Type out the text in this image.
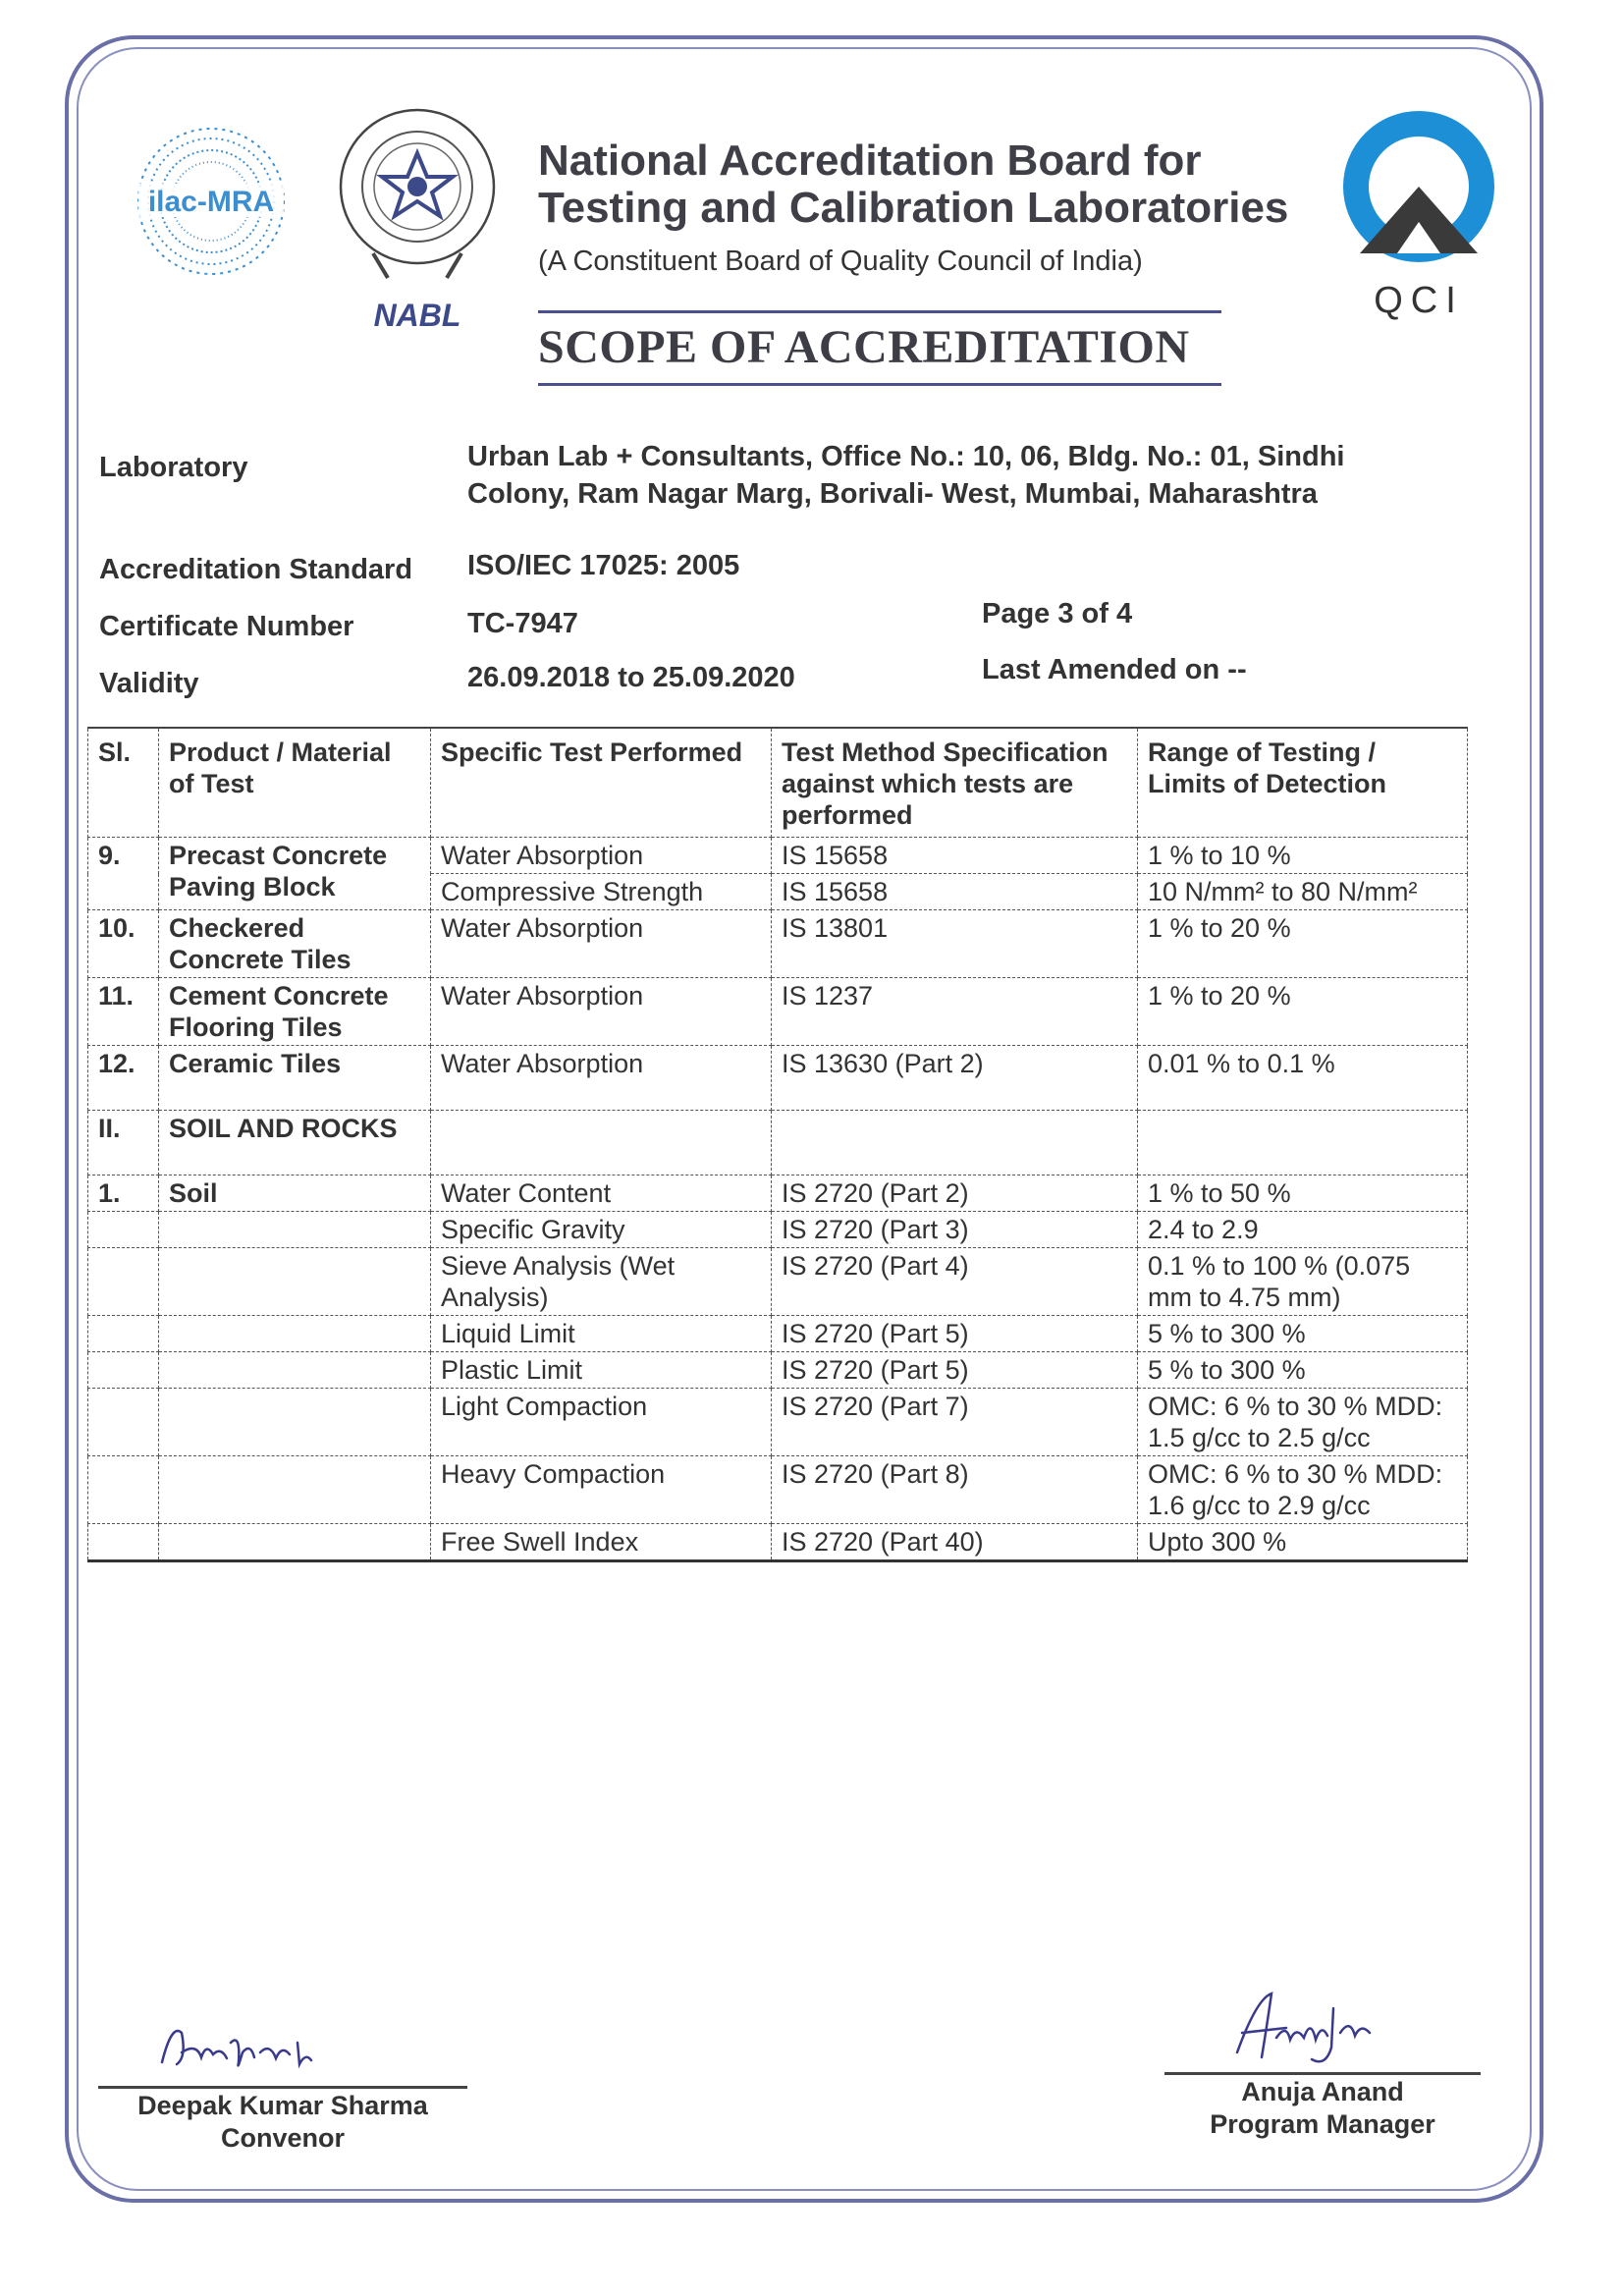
ilac-MRA
NABL	QCI
National Accreditation Board for
Testing and Calibration Laboratories
(A Constituent Board of Quality Council of India)
SCOPE OF ACCREDITATION
Laboratory	Urban Lab + Consultants, Office No.: 10, 06, Bldg. No.: 01, Sindhi Colony, Ram Nagar Marg, Borivali- West, Mumbai, Maharashtra
Accreditation Standard ISO/IEC 17025: 2005
Certificate Number	TC-7947	Page 3 of 4
Validity	26.09.2018 to 25.09.2020	Last Amended on --
Sl.	Product / Material of Test	Specific Test Performed	Test Method Specification against which tests are performed	Range of Testing / Limits of Detection
9.	Precast Concrete Paving Block	Water Absorption	IS 15658	1 % to 10 %
		Compressive Strength	IS 15658	10 N/mm² to 80 N/mm²
10.	Checkered Concrete Tiles	Water Absorption	IS 13801	1 % to 20 %
11.	Cement Concrete Flooring Tiles	Water Absorption	IS 1237	1 % to 20 %
12.	Ceramic Tiles	Water Absorption	IS 13630 (Part 2)	0.01 % to 0.1 %
II.	SOIL AND ROCKS			
1.	Soil	Water Content	IS 2720 (Part 2)	1 % to 50 %
		Specific Gravity	IS 2720 (Part 3)	2.4 to 2.9
		Sieve Analysis (Wet Analysis)	IS 2720 (Part 4)	0.1 % to 100 % (0.075 mm to 4.75 mm)
		Liquid Limit	IS 2720 (Part 5)	5 % to 300 %
		Plastic Limit	IS 2720 (Part 5)	5 % to 300 %
		Light Compaction	IS 2720 (Part 7)	OMC: 6 % to 30 % MDD: 1.5 g/cc to 2.5 g/cc
		Heavy Compaction	IS 2720 (Part 8)	OMC: 6 % to 30 % MDD: 1.6 g/cc to 2.9 g/cc
		Free Swell Index	IS 2720 (Part 40)	Upto 300 %
Deepak Kumar Sharma
Convenor
Anuja Anand
Program Manager
